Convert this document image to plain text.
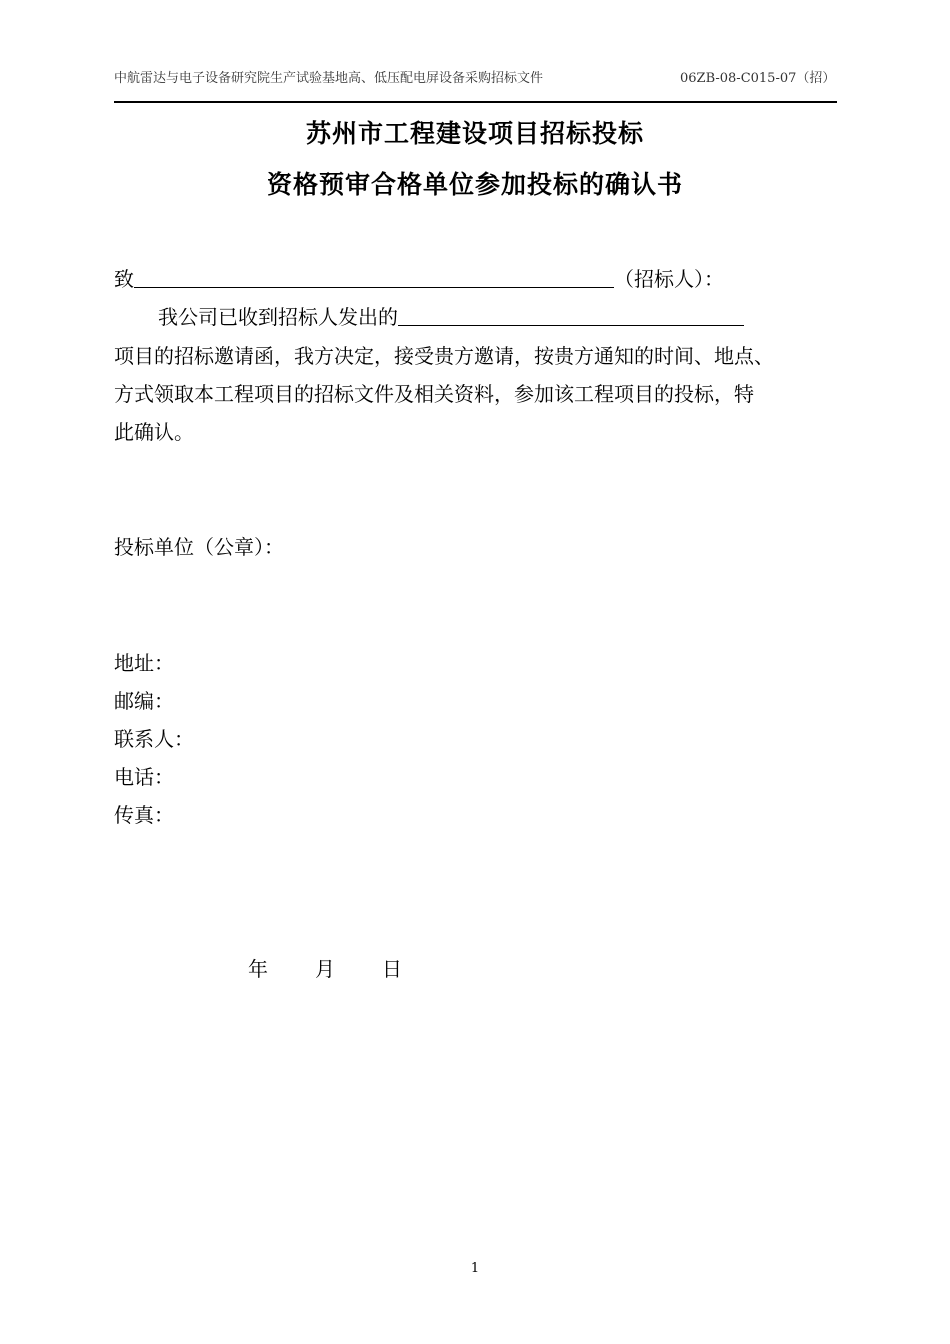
中航雷达与电子设备研究院生产试验基地高、低压配电屏设备采购招标文件	06ZB-08-C015-07（招）
苏州市工程建设项目招标投标
资格预审合格单位参加投标的确认书
致	（招标人）：
我公司已收到招标人发出的
项目的招标邀请函，我方决定，接受贵方邀请，按贵方通知的时间、地点、
方式领取本工程项目的招标文件及相关资料，参加该工程项目的投标，特
此确认。
投标单位（公章）：
地址：
邮编：
联系人：
电话：
传真：
年 月 日
1
